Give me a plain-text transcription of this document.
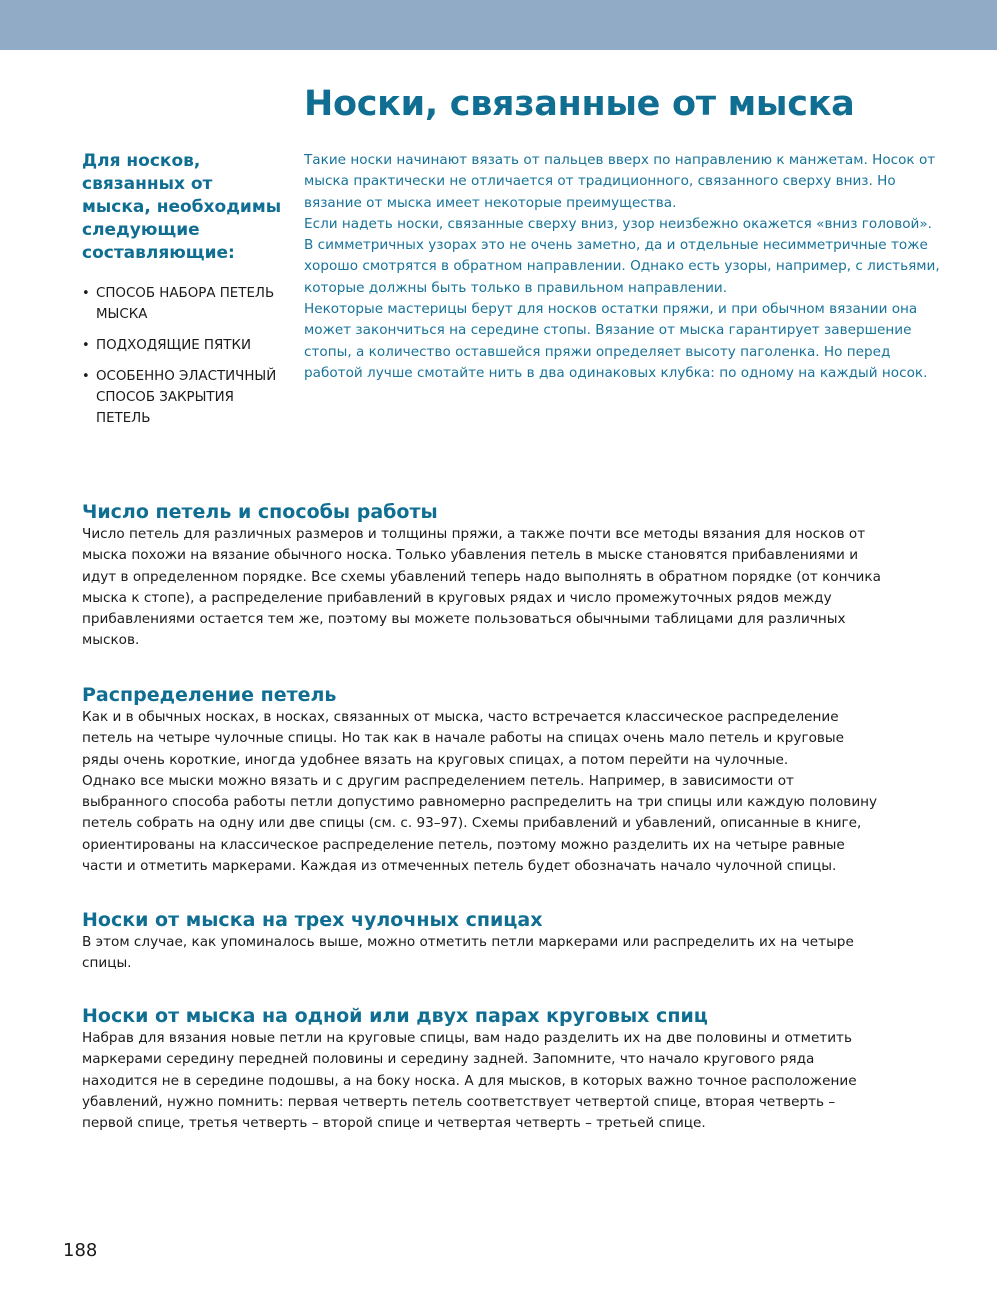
Носки, связанные от мыска
Для носков, связанных от мыска, необходимы следующие составляющие:
• СПОСОБ НАБОРА ПЕТЕЛЬ МЫСКА
• ПОДХОДЯЩИЕ ПЯТКИ
• ОСОБЕННО ЭЛАСТИЧНЫЙ СПОСОБ ЗАКРЫТИЯ ПЕТЕЛЬ

Такие носки начинают вязать от пальцев вверх по направлению к манжетам. Носок от мыска практически не отличается от традиционного, связанного сверху вниз. Но вязание от мыска имеет некоторые преимущества.

Если надеть носки, связанные сверху вниз, узор неизбежно окажется «вниз головой». В симметричных узорах это не очень заметно, да и отдельные несимметричные тоже хорошо смотрятся в обратном направлении. Однако есть узоры, например, с листьями, которые должны быть только в правильном направлении.

Некоторые мастерицы берут для носков остатки пряжи, и при обычном вязании она может закончиться на середине стопы. Вязание от мыска гарантирует завершение стопы, а количество оставшейся пряжи определяет высоту паголенка. Но перед работой лучше смотайте нить в два одинаковых клубка: по одному на каждый носок.

Число петель и способы работы

Число петель для различных размеров и толщины пряжи, а также почти все методы вязания для носков от мыска похожи на вязание обычного носка. Только убавления петель в мыске становятся прибавлениями и идут в определенном порядке. Все схемы убавлений теперь надо выполнять в обратном порядке (от кончика мыска к стопе), а распределение прибавлений в круговых рядах и число промежуточных рядов между прибавлениями остается тем же, поэтому вы можете пользоваться обычными таблицами для различных мысков.

Распределение петель

Как и в обычных носках, в носках, связанных от мыска, часто встречается классическое распределение петель на четыре чулочные спицы. Но так как в начале работы на спицах очень мало петель и круговые ряды очень короткие, иногда удобнее вязать на круговых спицах, а потом перейти на чулочные.

Однако все мыски можно вязать и с другим распределением петель. Например, в зависимости от выбранного способа работы петли допустимо равномерно распределить на три спицы или каждую половину петель собрать на одну или две спицы (см. с. 93–97). Схемы прибавлений и убавлений, описанные в книге, ориентированы на классическое распределение петель, поэтому можно разделить их на четыре равные части и отметить маркерами. Каждая из отмеченных петель будет обозначать начало чулочной спицы.

Носки от мыска на трех чулочных спицах

В этом случае, как упоминалось выше, можно отметить петли маркерами или распределить их на четыре спицы.

Носки от мыска на одной или двух парах круговых спиц

Набрав для вязания новые петли на круговые спицы, вам надо разделить их на две половины и отметить маркерами середину передней половины и середину задней. Запомните, что начало кругового ряда находится не в середине подошвы, а на боку носка. А для мысков, в которых важно точное расположение убавлений, нужно помнить: первая четверть петель соответствует четвертой спице, вторая четверть – первой спице, третья четверть – второй спице и четвертая четверть – третьей спице.

188
